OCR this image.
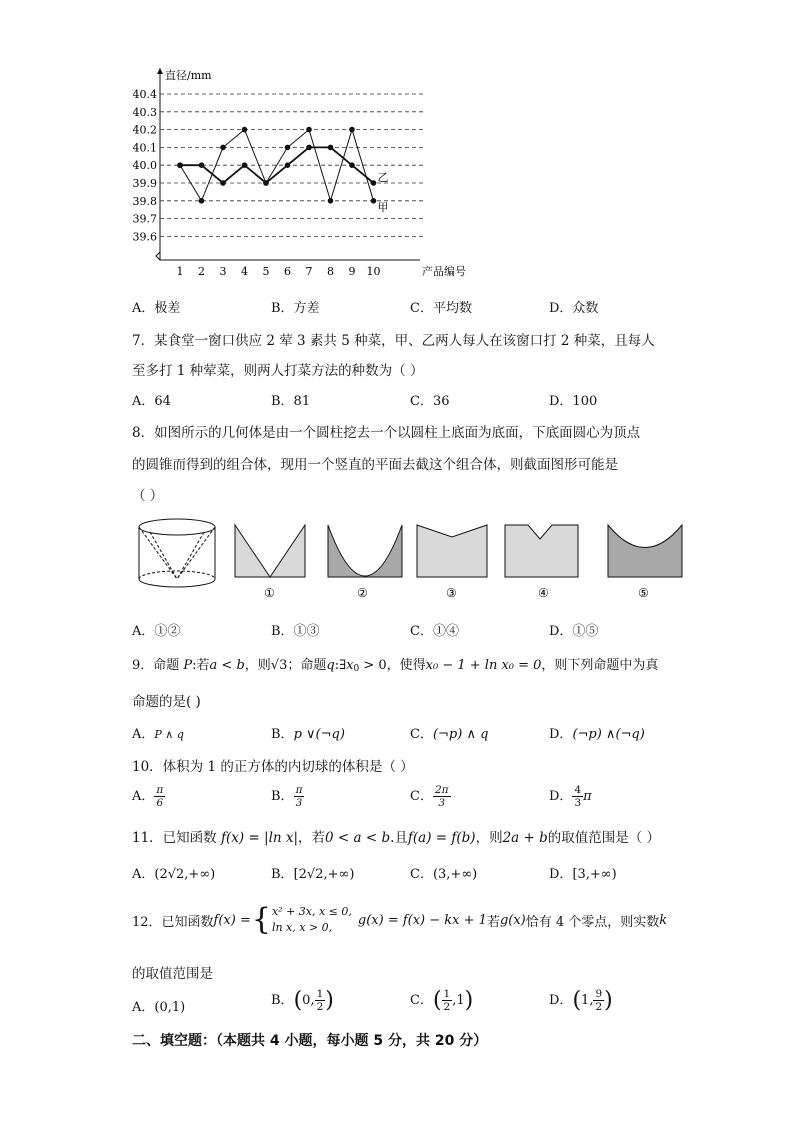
40.4
40.3
40.2
40.1
40.0
39.9
39.8
39.7
39.6
1 2 3 4 5 6 7 8 9 10
甲
乙
直径/mm
产品编号
A．极差	B．方差	C．平均数	D．众数
7．某食堂一窗口供应 2 荤 3 素共 5 种菜，甲、乙两人每人在该窗口打 2 种菜，且每人
至多打 1 种荤菜，则两人打菜方法的种数为（ ）
A．64	B．81	C．36	D．100
8．如图所示的几何体是由一个圆柱挖去一个以圆柱上底面为底面，下底面圆心为顶点
的圆锥而得到的组合体，现用一个竖直的平面去截这个组合体，则截面图形可能是
（ ）
①	②	③	④	⑤
A．①②	B．①③	C．①④	D．①⑤
9．命题 P:若a < b，则√3；命题$q:\exists x_0 > 0$，使得x₀ − 1 + ln x₀ = 0，则下列命题中为真
命题的是( )
A．P ∧ q	B．p ∨(¬q)	C．(¬p) ∧ q	D．(¬p) ∧(¬q)
10．体积为 1 的正方体的内切球的体积是（ ）
A． $\frac{\pi}{6}$	B． $\frac{\pi}{3}$	C． $\frac{2\pi}{3}$	D． $\frac{4}{3}$ π
11．已知函数 f(x) = |ln x|，若0 < a < b.且f(a) = f(b)，则2a + b的取值范围是（ ）
A．(2√2,+∞)	B．[2√2,+∞)	C．(3,+∞)	D．[3,+∞)
12．已知函数 f(x) = { x² + 3x, x ≤ 0,
ln x, x > 0,	g(x) = f(x) − kx + 1 若 g(x) 恰有 4 个零点，则实数 k
的取值范围是
A．(0,1)	B．(0, $\frac{1}{2}$ )	C．( $\frac{1}{2} ,1$)	D．(1, $\frac{9}{2}$ )
二、填空题：（本题共 4 小题，每小题 5 分，共 20 分）
